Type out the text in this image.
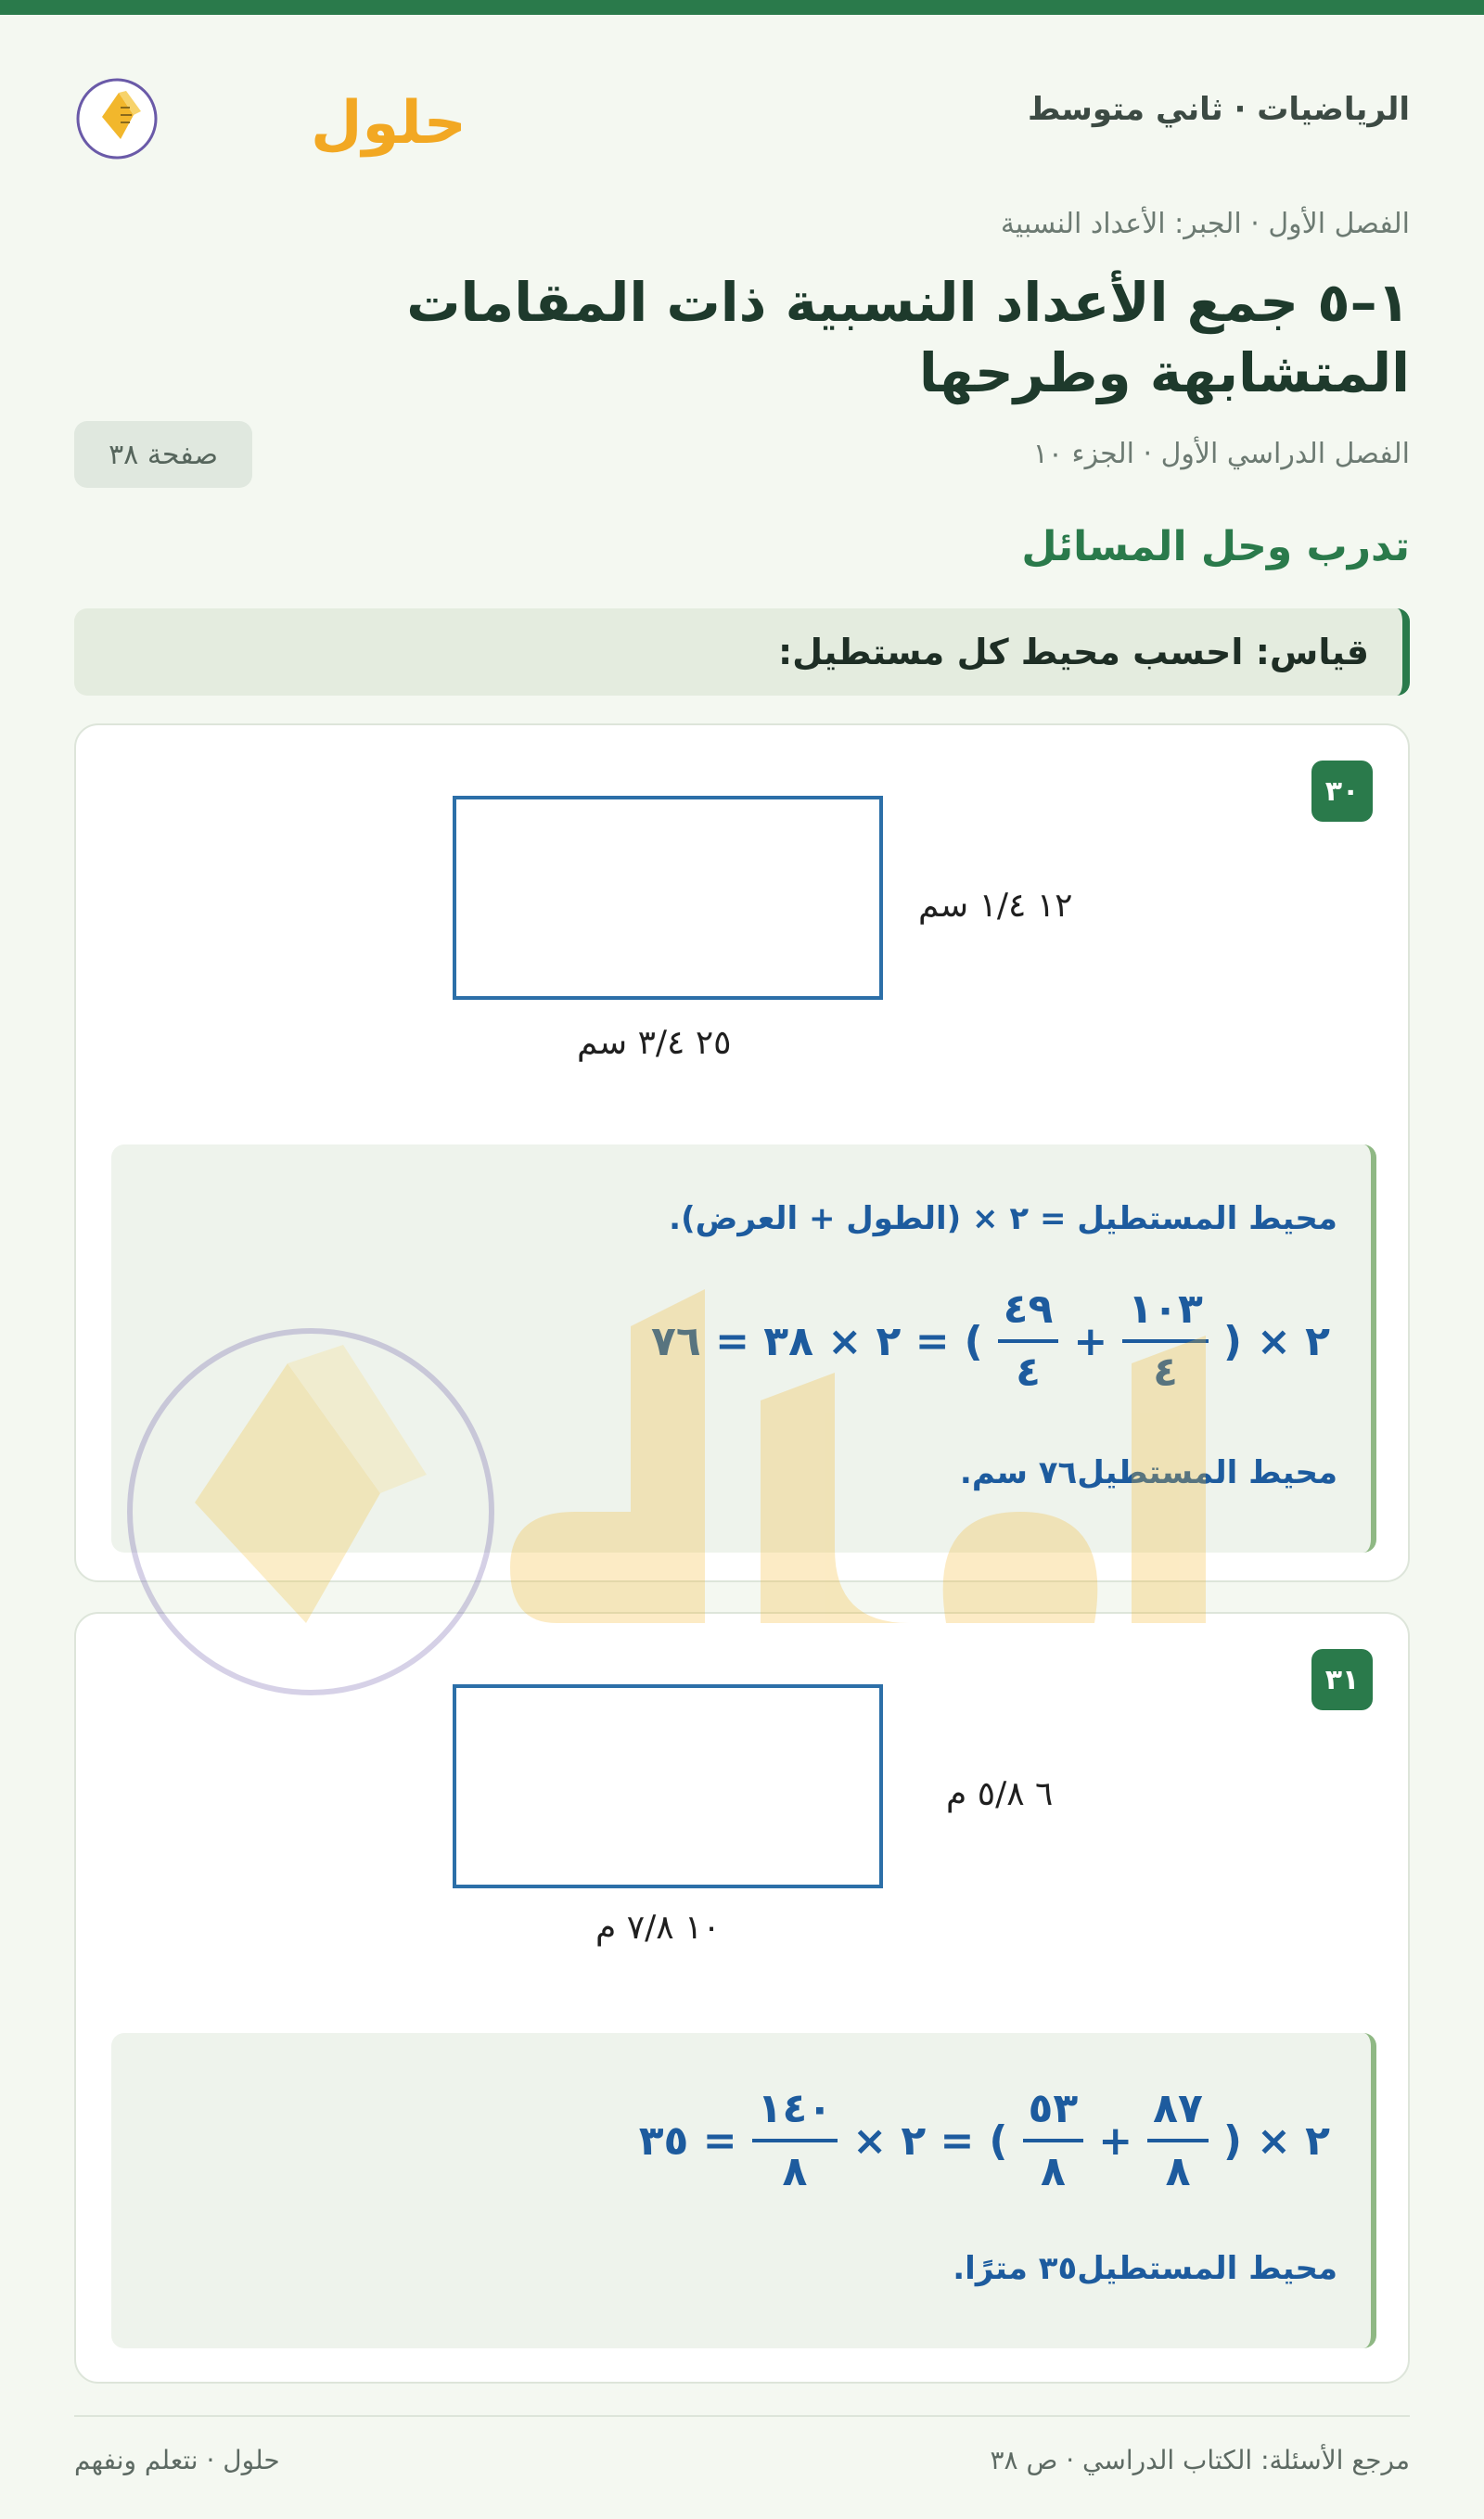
الرياضيات · ثاني متوسط
حلول
الفصل الأول · الجبر: الأعداد النسبية
١–٥ جمع الأعداد النسبية ذات المقامات المتشابهة وطرحها
الفصل الدراسي الأول · الجزء ١٠
صفحة ٣٨
تدرب وحل المسائل
قياس: احسب محيط كل مستطيل:
٣٠
١٢ ١/٤ سم
٢٥ ٣/٤ سم
محيط المستطيل = ٢ × (الطول + العرض).
٢ ×
(
$\frac{١٠٣}{٤}$
+
$\frac{٤٩}{٤}$
)
= ٢ × ٣٨ = ٧٦
محيط المستطيل٧٦ سم.
٣١
٦ ٥/٨ م
١٠ ٧/٨ م
٢ ×
(
$\frac{٨٧}{٨}$
+
$\frac{٥٣}{٨}$
)
= ٢ ×
$\frac{١٤٠}{٨}$
= ٣٥
محيط المستطيل٣٥ مترًا.
مرجع الأسئلة: الكتاب الدراسي · ص ٣٨
حلول · نتعلم ونفهم
